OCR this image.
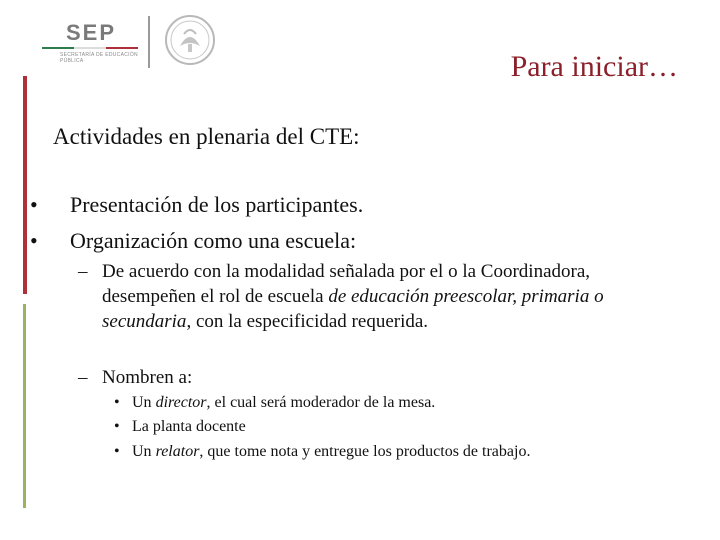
SEP
SECRETARÍA DE EDUCACIÓN PÚBLICA	Para iniciar…
Actividades en plenaria del CTE:
• Presentación de los participantes.
• Organización como una escuela:
– De acuerdo con la modalidad señalada por el o la Coordinadora, desempeñen el rol de escuela de educación preescolar, primaria o secundaria, con la especificidad requerida.
– Nombren a:
• Un director, el cual será moderador de la mesa.
• La planta docente
• Un relator, que tome nota y entregue los productos de trabajo.
